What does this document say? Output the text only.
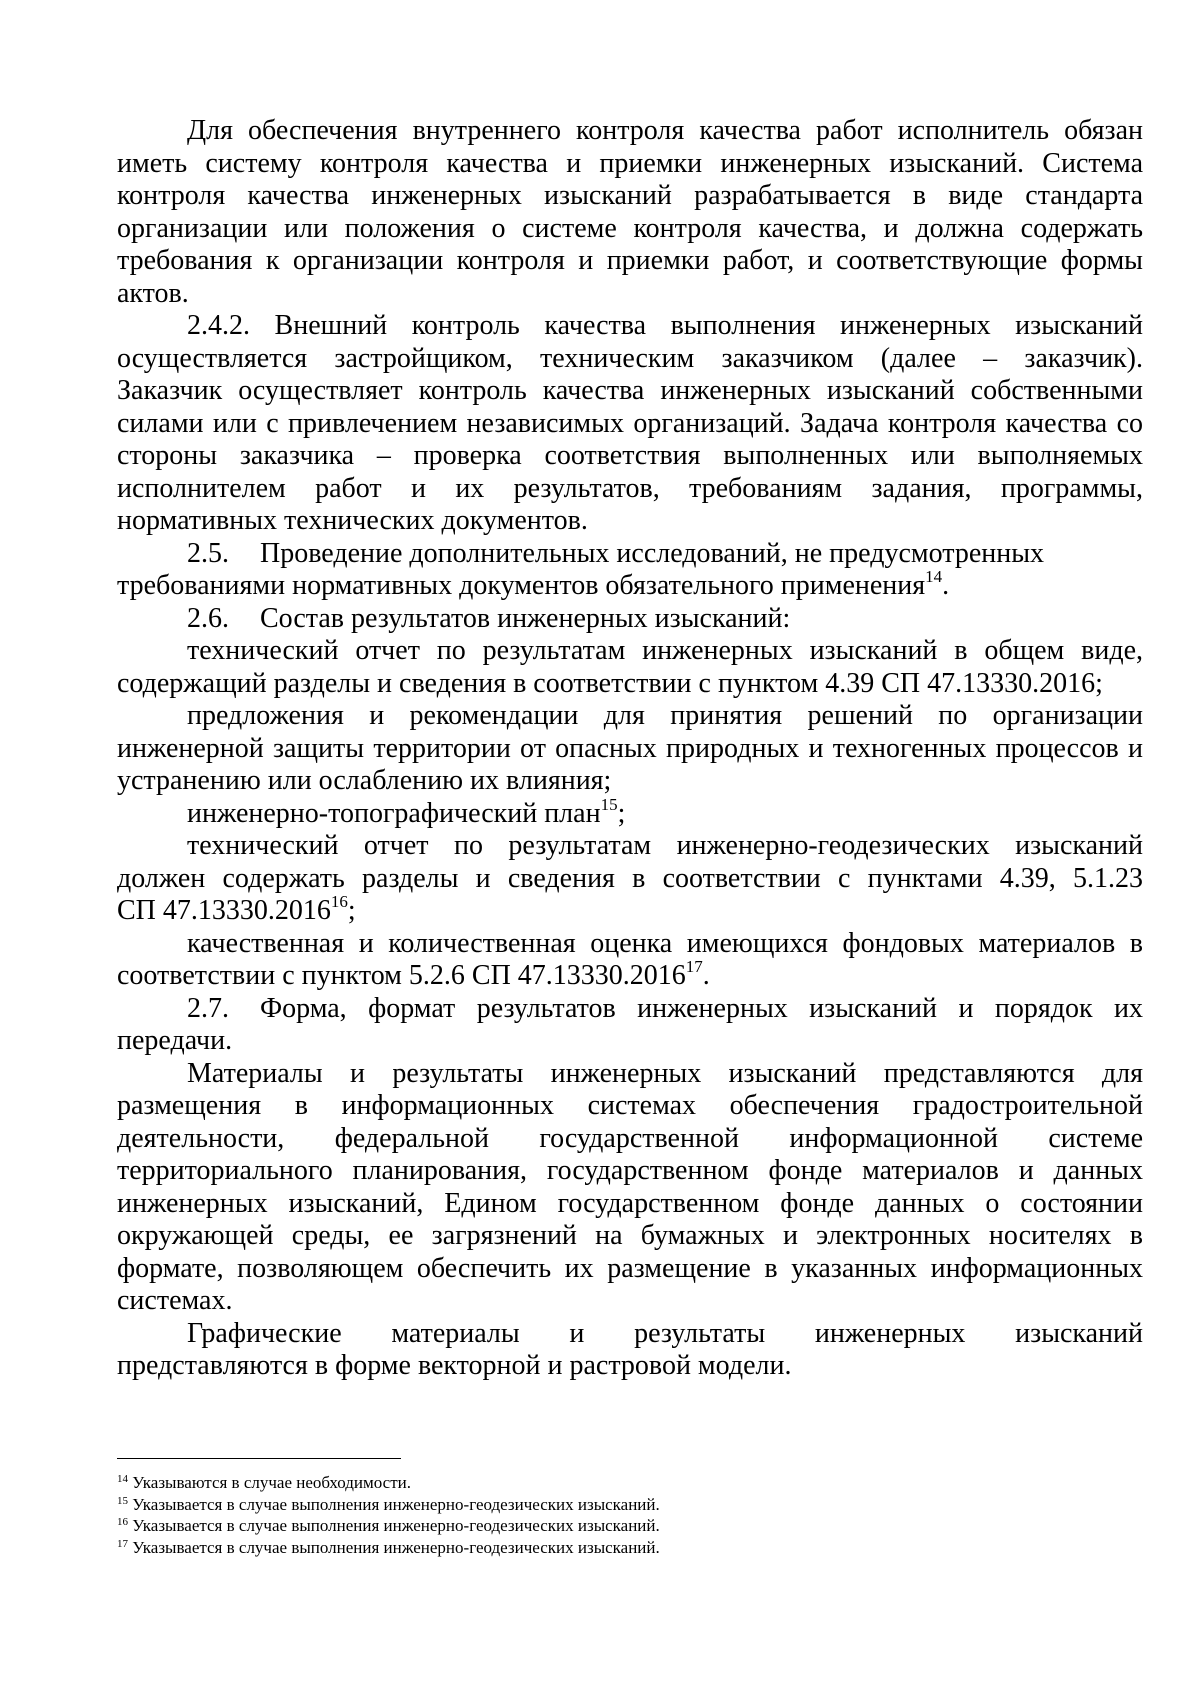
Для обеспечения внутреннего контроля качества работ исполнитель обязан
иметь систему контроля качества и приемки инженерных изысканий. Система
контроля качества инженерных изысканий разрабатывается в виде стандарта
организации или положения о системе контроля качества, и должна содержать
требования к организации контроля и приемки работ, и соответствующие формы
актов.

2.4.2. Внешний контроль качества выполнения инженерных изысканий
осуществляется застройщиком, техническим заказчиком (далее – заказчик).
Заказчик осуществляет контроль качества инженерных изысканий собственными
силами или с привлечением независимых организаций. Задача контроля качества со
стороны заказчика – проверка соответствия выполненных или выполняемых
исполнителем работ и их результатов, требованиям задания, программы,
нормативных технических документов.

2.5. Проведение дополнительных исследований, не предусмотренных
требованиями нормативных документов обязательного применения$^{14}$.

2.6. Состав результатов инженерных изысканий:

технический отчет по результатам инженерных изысканий в общем виде,
содержащий разделы и сведения в соответствии с пунктом 4.39 СП 47.13330.2016;

предложения и рекомендации для принятия решений по организации
инженерной защиты территории от опасных природных и техногенных процессов и
устранению или ослаблению их влияния;

инженерно-топографический план$^{15}$;

технический отчет по результатам инженерно-геодезических изысканий
должен содержать разделы и сведения в соответствии с пунктами 4.39, 5.1.23
СП 47.13330.2016$^{16}$;

качественная и количественная оценка имеющихся фондовых материалов в
соответствии с пунктом 5.2.6 СП 47.13330.2016$^{17}$.

2.7. Форма, формат результатов инженерных изысканий и порядок их
передачи.

Материалы и результаты инженерных изысканий представляются для
размещения в информационных системах обеспечения градостроительной
деятельности, федеральной государственной информационной системе
территориального планирования, государственном фонде материалов и данных
инженерных изысканий, Едином государственном фонде данных о состоянии
окружающей среды, ее загрязнений на бумажных и электронных носителях в
формате, позволяющем обеспечить их размещение в указанных информационных
системах.

Графические материалы и результаты инженерных изысканий
представляются в форме векторной и растровой модели.

$^{14}$ Указываются в случае необходимости.

$^{15}$ Указывается в случае выполнения инженерно-геодезических изысканий.

$^{16}$ Указывается в случае выполнения инженерно-геодезических изысканий.

$^{17}$ Указывается в случае выполнения инженерно-геодезических изысканий.
